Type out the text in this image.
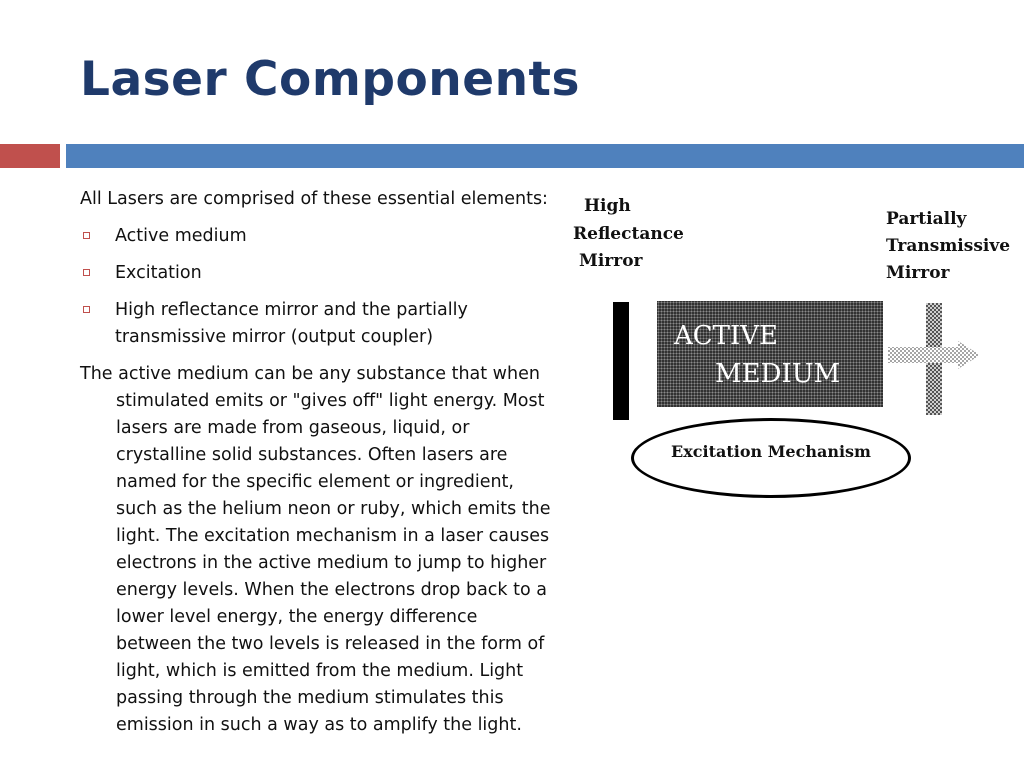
Laser Components

All Lasers are comprised of these essential elements:

Active medium
Excitation
High reflectance mirror and the partially transmissive mirror (output coupler)

The active medium can be any substance that when stimulated emits or "gives off" light energy. Most lasers are made from gaseous, liquid, or crystalline solid substances. Often lasers are named for the specific element or ingredient, such as the helium neon or ruby, which emits the light. The excitation mechanism in a laser causes electrons in the active medium to jump to higher energy levels. When the electrons drop back to a lower level energy, the energy difference between the two levels is released in the form of light, which is emitted from the medium. Light passing through the medium stimulates this emission in such a way as to amplify the light.

High
Reflectance
Mirror
Partially
Transmissive
Mirror
ACTIVE
MEDIUM
Excitation Mechanism
